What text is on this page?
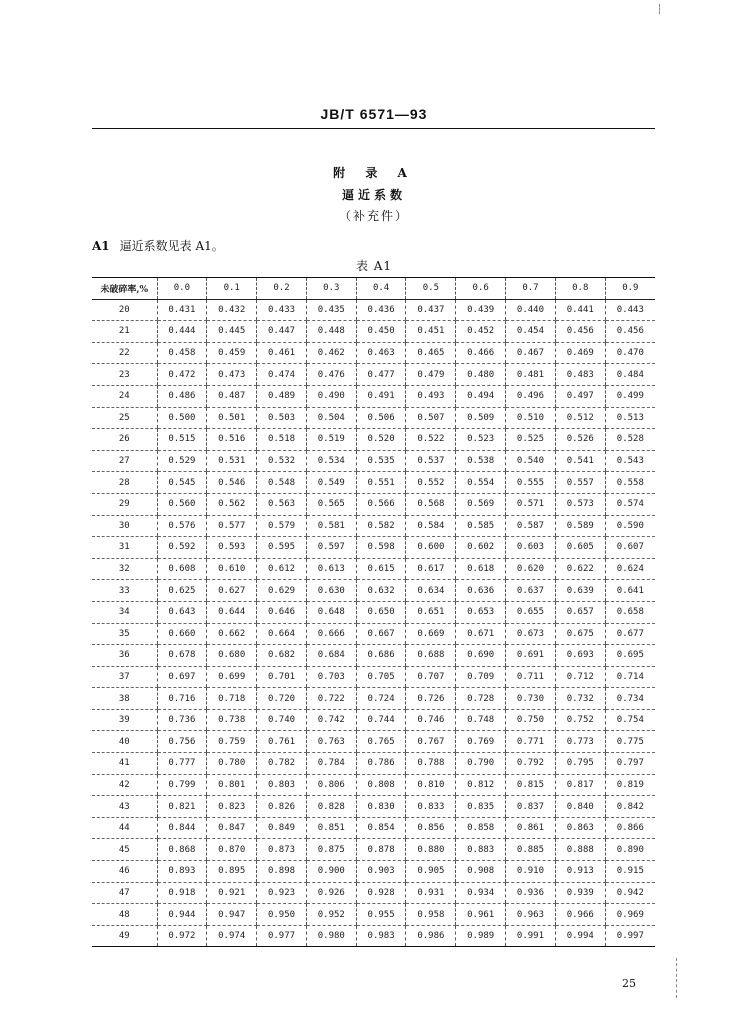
JB/T 6571—93
附 录 A
逼近系数
（补充件）
A1 逼近系数见表 A1。
表 A1
未破碎率,%	0.0	0.1	0.2	0.3	0.4	0.5	0.6	0.7	0.8	0.9
20	0.431	0.432	0.433	0.435	0.436	0.437	0.439	0.440	0.441	0.443
21	0.444	0.445	0.447	0.448	0.450	0.451	0.452	0.454	0.456	0.456
22	0.458	0.459	0.461	0.462	0.463	0.465	0.466	0.467	0.469	0.470
23	0.472	0.473	0.474	0.476	0.477	0.479	0.480	0.481	0.483	0.484
24	0.486	0.487	0.489	0.490	0.491	0.493	0.494	0.496	0.497	0.499
25	0.500	0.501	0.503	0.504	0.506	0.507	0.509	0.510	0.512	0.513
26	0.515	0.516	0.518	0.519	0.520	0.522	0.523	0.525	0.526	0.528
27	0.529	0.531	0.532	0.534	0.535	0.537	0.538	0.540	0.541	0.543
28	0.545	0.546	0.548	0.549	0.551	0.552	0.554	0.555	0.557	0.558
29	0.560	0.562	0.563	0.565	0.566	0.568	0.569	0.571	0.573	0.574
30	0.576	0.577	0.579	0.581	0.582	0.584	0.585	0.587	0.589	0.590
31	0.592	0.593	0.595	0.597	0.598	0.600	0.602	0.603	0.605	0.607
32	0.608	0.610	0.612	0.613	0.615	0.617	0.618	0.620	0.622	0.624
33	0.625	0.627	0.629	0.630	0.632	0.634	0.636	0.637	0.639	0.641
34	0.643	0.644	0.646	0.648	0.650	0.651	0.653	0.655	0.657	0.658
35	0.660	0.662	0.664	0.666	0.667	0.669	0.671	0.673	0.675	0.677
36	0.678	0.680	0.682	0.684	0.686	0.688	0.690	0.691	0.693	0.695
37	0.697	0.699	0.701	0.703	0.705	0.707	0.709	0.711	0.712	0.714
38	0.716	0.718	0.720	0.722	0.724	0.726	0.728	0.730	0.732	0.734
39	0.736	0.738	0.740	0.742	0.744	0.746	0.748	0.750	0.752	0.754
40	0.756	0.759	0.761	0.763	0.765	0.767	0.769	0.771	0.773	0.775
41	0.777	0.780	0.782	0.784	0.786	0.788	0.790	0.792	0.795	0.797
42	0.799	0.801	0.803	0.806	0.808	0.810	0.812	0.815	0.817	0.819
43	0.821	0.823	0.826	0.828	0.830	0.833	0.835	0.837	0.840	0.842
44	0.844	0.847	0.849	0.851	0.854	0.856	0.858	0.861	0.863	0.866
45	0.868	0.870	0.873	0.875	0.878	0.880	0.883	0.885	0.888	0.890
46	0.893	0.895	0.898	0.900	0.903	0.905	0.908	0.910	0.913	0.915
47	0.918	0.921	0.923	0.926	0.928	0.931	0.934	0.936	0.939	0.942
48	0.944	0.947	0.950	0.952	0.955	0.958	0.961	0.963	0.966	0.969
49	0.972	0.974	0.977	0.980	0.983	0.986	0.989	0.991	0.994	0.997
25
